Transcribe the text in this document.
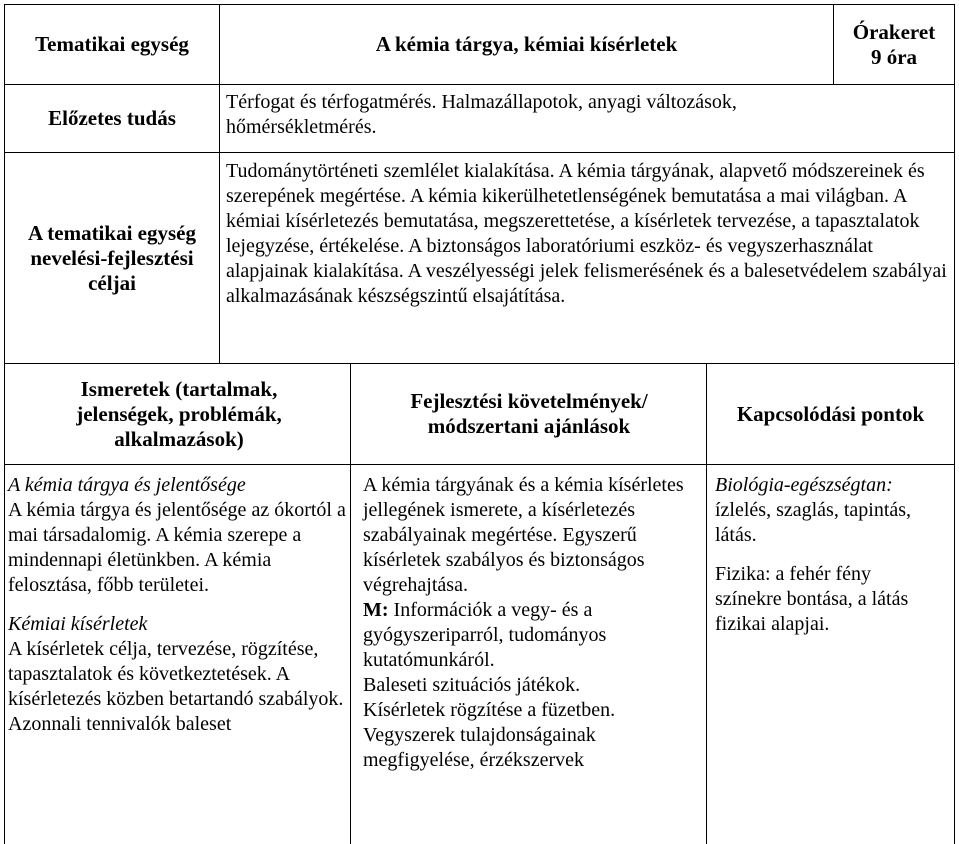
Tematikai egység	A kémia tárgya, kémiai kísérletek
Órakeret
9 óra
Előzetes tudás
Térfogat és térfogatmérés. Halmazállapotok, anyagi változások, hőmérsékletmérés.
A tematikai egység nevelési-fejlesztési céljai
Tudománytörténeti szemlélet kialakítása. A kémia tárgyának, alapvető módszereinek és szerepének megértése. A kémia kikerülhetetlenségének bemutatása a mai világban. A kémiai kísérletezés bemutatása, megszerettetése, a kísérletek tervezése, a tapasztalatok lejegyzése, értékelése. A biztonságos laboratóriumi eszköz- és vegyszerhasználat alapjainak kialakítása. A veszélyességi jelek felismerésének és a balesetvédelem szabályai alkalmazásának készségszintű elsajátítása.
Ismeretek (tartalmak, jelenségek, problémák, alkalmazások)
Fejlesztési követelmények/ módszertani ajánlások
Kapcsolódási pontok

A kémia tárgya és jelentősége

A kémia tárgya és jelentősége az ókortól a mai társadalomig. A kémia szerepe a mindennapi életünkben. A kémia felosztása, főbb területei.

Kémiai kísérletek

A kísérletek célja, tervezése, rögzítése, tapasztalatok és következtetések. A kísérletezés közben betartandó szabályok. Azonnali tennivalók baleset

A kémia tárgyának és a kémia kísérletes jellegének ismerete, a kísérletezés szabályainak megértése. Egyszerű kísérletek szabályos és biztonságos végrehajtása.

M: Információk a vegy- és a gyógyszeriparról, tudományos kutatómunkáról.

Baleseti szituációs játékok.

Kísérletek rögzítése a füzetben.

Vegyszerek tulajdonságainak megfigyelése, érzékszervek

Biológia-egészségtan:

ízlelés, szaglás, tapintás, látás.

Fizika: a fehér fény színekre bontása, a látás fizikai alapjai.
